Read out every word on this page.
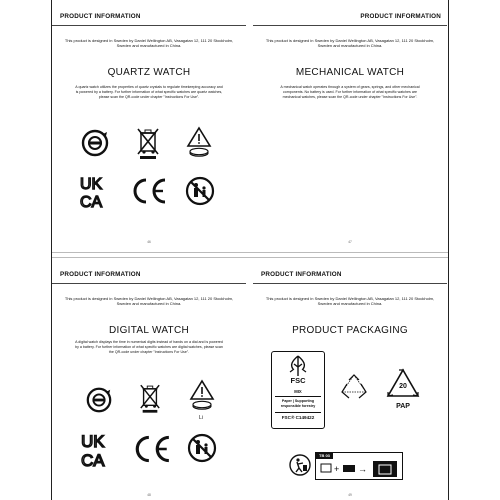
PRODUCT INFORMATION
This product is designed in Sweden by Daniel Wellington AB, Vasagatan 12, 111 20 Stockholm, Sweden and manufactured in China.
QUARTZ WATCH
A quartz watch utilizes the properties of quartz crystals to regulate timekeeping accuracy and is powered by a battery. For further information of what specific watches are quartz watches, please scan the QR-code under chapter "Instructions For Use".
UK
CA
46
PRODUCT INFORMATION
This product is designed in Sweden by Daniel Wellington AB, Vasagatan 12, 111 20 Stockholm, Sweden and manufactured in China.
MECHANICAL WATCH
A mechanical watch operates through a system of gears, springs, and other mechanical components. No battery is used. For further information of what specific watches are mechanical watches, please scan the QR-code under chapter "Instructions For Use".
47
PRODUCT INFORMATION
This product is designed in Sweden by Daniel Wellington AB, Vasagatan 12, 111 20 Stockholm, Sweden and manufactured in China.
DIGITAL WATCH
A digital watch displays the time in numerical digits instead of hands on a dial and is powered by a battery. For further information of what specific watches are digital watches, please scan the QR-code under chapter "Instructions For Use".
Li
UK
CA
48
PRODUCT INFORMATION
This product is designed in Sweden by Daniel Wellington AB, Vasagatan 12, 111 20 Stockholm, Sweden and manufactured in China.
PRODUCT PACKAGING
FSC
MIX
Paper | Supporting responsible forestry
FSC® C149422
20
PAP
TB 03
+ →
49
